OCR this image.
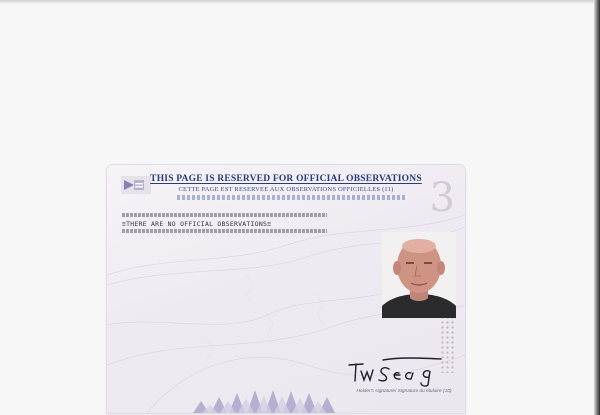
THIS PAGE IS RESERVED FOR OFFICIAL OBSERVATIONS
CETTE PAGE EST RESERVEE AUX OBSERVATIONS OFFICIELLES (11) 3
≡THERE ARE NO OFFICIAL OBSERVATIONS≡
Holder's signature/ Signature du titulaire (10)
